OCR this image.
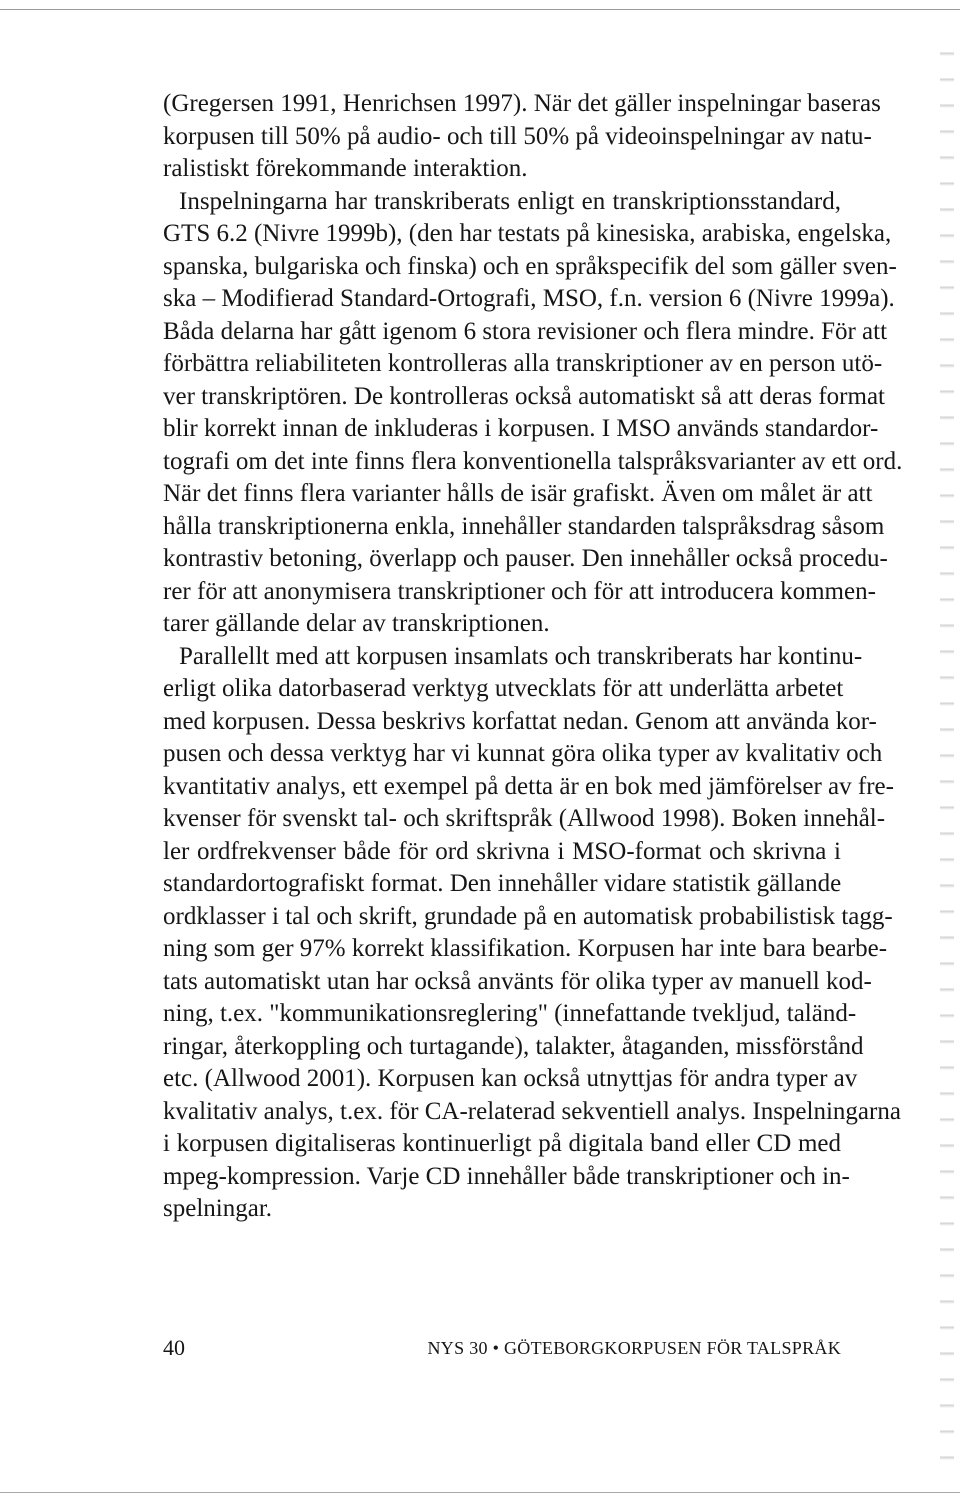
(Gregersen 1991, Henrichsen 1997). När det gäller inspelningar baseras
korpusen till 50% på audio- och till 50% på videoinspelningar av natu-
ralistiskt förekommande interaktion.
Inspelningarna har transkriberats enligt en transkriptionsstandard,
GTS 6.2 (Nivre 1999b), (den har testats på kinesiska, arabiska, engelska,
spanska, bulgariska och finska) och en språkspecifik del som gäller sven-
ska – Modifierad Standard-Ortografi, MSO, f.n. version 6 (Nivre 1999a).
Båda delarna har gått igenom 6 stora revisioner och flera mindre. För att
förbättra reliabiliteten kontrolleras alla transkriptioner av en person utö-
ver transkriptören. De kontrolleras också automatiskt så att deras format
blir korrekt innan de inkluderas i korpusen. I MSO används standardor-
tografi om det inte finns flera konventionella talspråksvarianter av ett ord.
När det finns flera varianter hålls de isär grafiskt. Även om målet är att
hålla transkriptionerna enkla, innehåller standarden talspråksdrag såsom
kontrastiv betoning, överlapp och pauser. Den innehåller också procedu-
rer för att anonymisera transkriptioner och för att introducera kommen-
tarer gällande delar av transkriptionen.
Parallellt med att korpusen insamlats och transkriberats har kontinu-
erligt olika datorbaserad verktyg utvecklats för att underlätta arbetet
med korpusen. Dessa beskrivs korfattat nedan. Genom att använda kor-
pusen och dessa verktyg har vi kunnat göra olika typer av kvalitativ och
kvantitativ analys, ett exempel på detta är en bok med jämförelser av fre-
kvenser för svenskt tal- och skriftspråk (Allwood 1998). Boken innehål-
ler ordfrekvenser både för ord skrivna i MSO-format och skrivna i
standardortografiskt format. Den innehåller vidare statistik gällande
ordklasser i tal och skrift, grundade på en automatisk probabilistisk tagg-
ning som ger 97% korrekt klassifikation. Korpusen har inte bara bearbe-
tats automatiskt utan har också använts för olika typer av manuell kod-
ning, t.ex. "kommunikationsreglering" (innefattande tvekljud, taländ-
ringar, återkoppling och turtagande), talakter, åtaganden, missförstånd
etc. (Allwood 2001). Korpusen kan också utnyttjas för andra typer av
kvalitativ analys, t.ex. för CA-relaterad sekventiell analys. Inspelningarna
i korpusen digitaliseras kontinuerligt på digitala band eller CD med
mpeg-kompression. Varje CD innehåller både transkriptioner och in-
spelningar.
40	NYS 30 • GÖTEBORGKORPUSEN FÖR TALSPRÅK
